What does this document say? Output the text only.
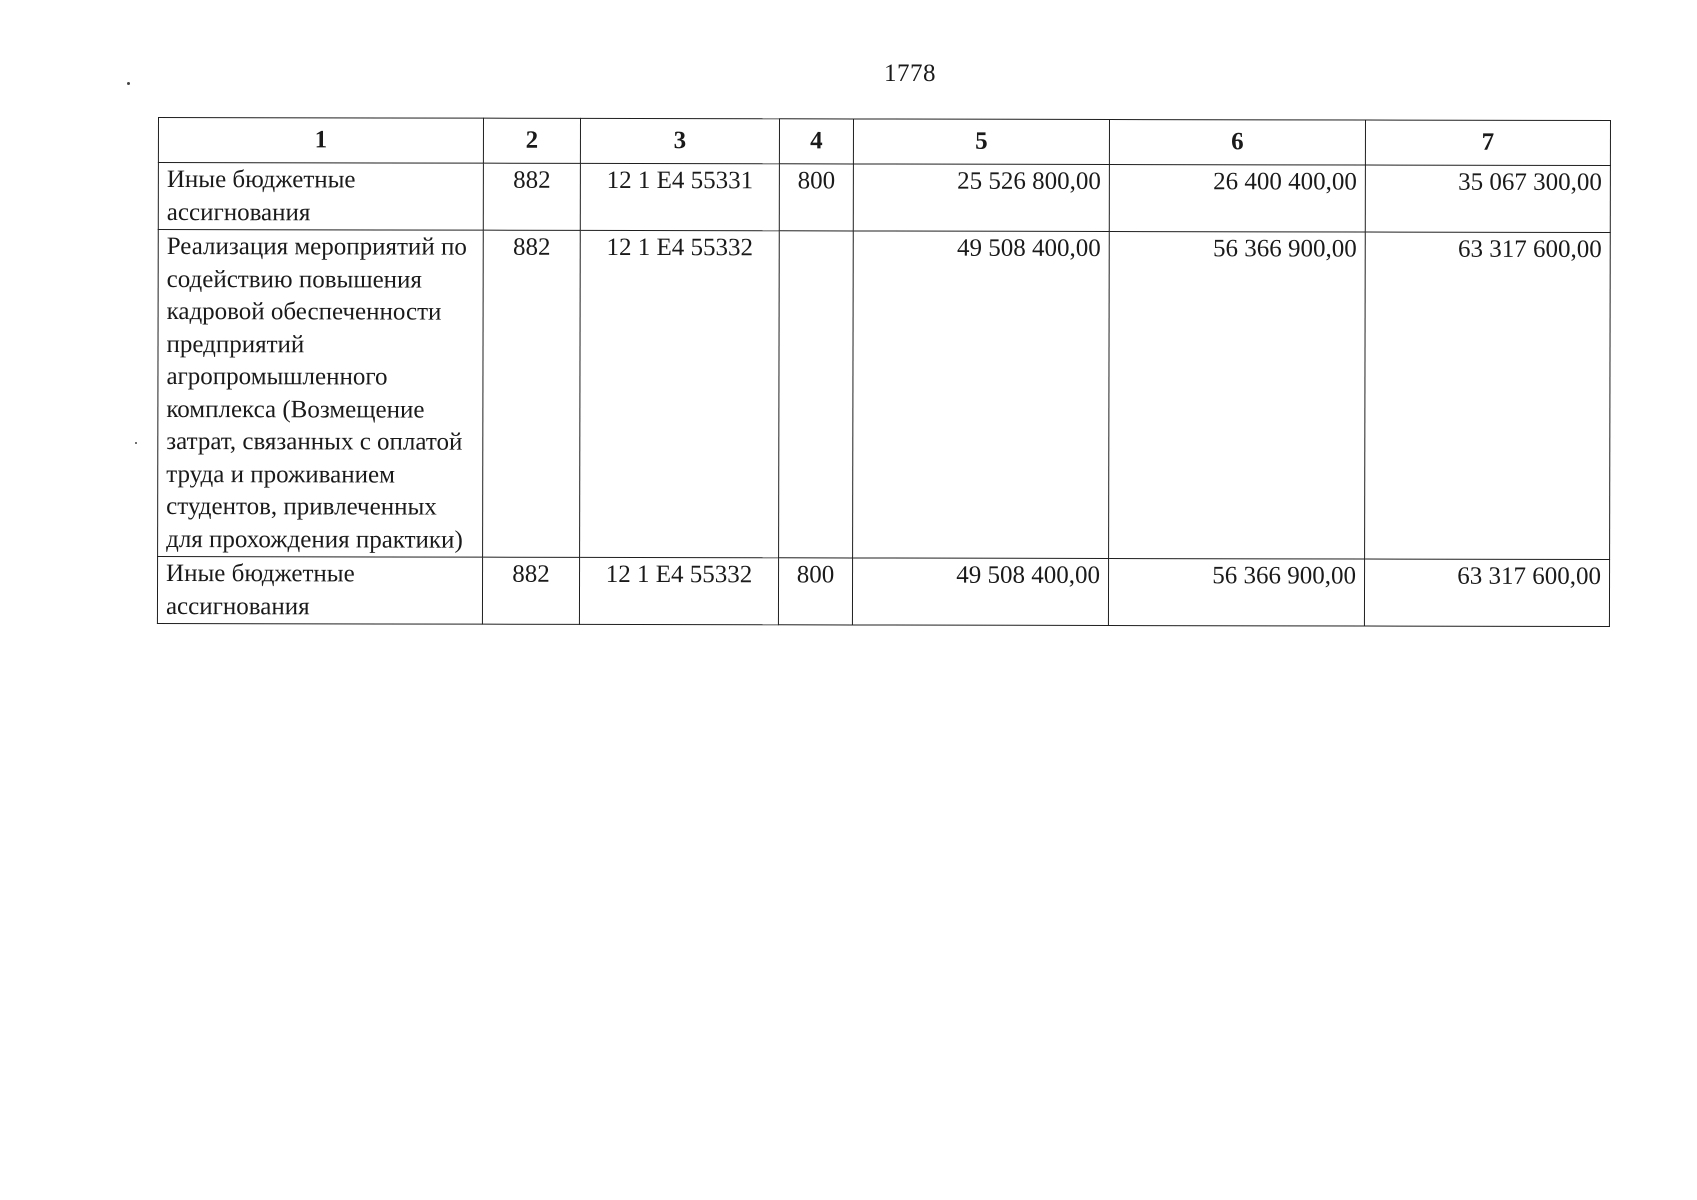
1778
1	2	3	4	5	6	7
Иные бюджетные ассигнования	882	12 1 E4 55331	800	25 526 800,00	26 400 400,00	35 067 300,00
Реализация мероприятий по содействию повышения кадровой обеспеченности предприятий агропромышленного комплекса (Возмещение затрат, связанных с оплатой труда и проживанием студентов, привлеченных для прохождения практики)	882	12 1 E4 55332		49 508 400,00	56 366 900,00	63 317 600,00
Иные бюджетные ассигнования	882	12 1 E4 55332	800	49 508 400,00	56 366 900,00	63 317 600,00
